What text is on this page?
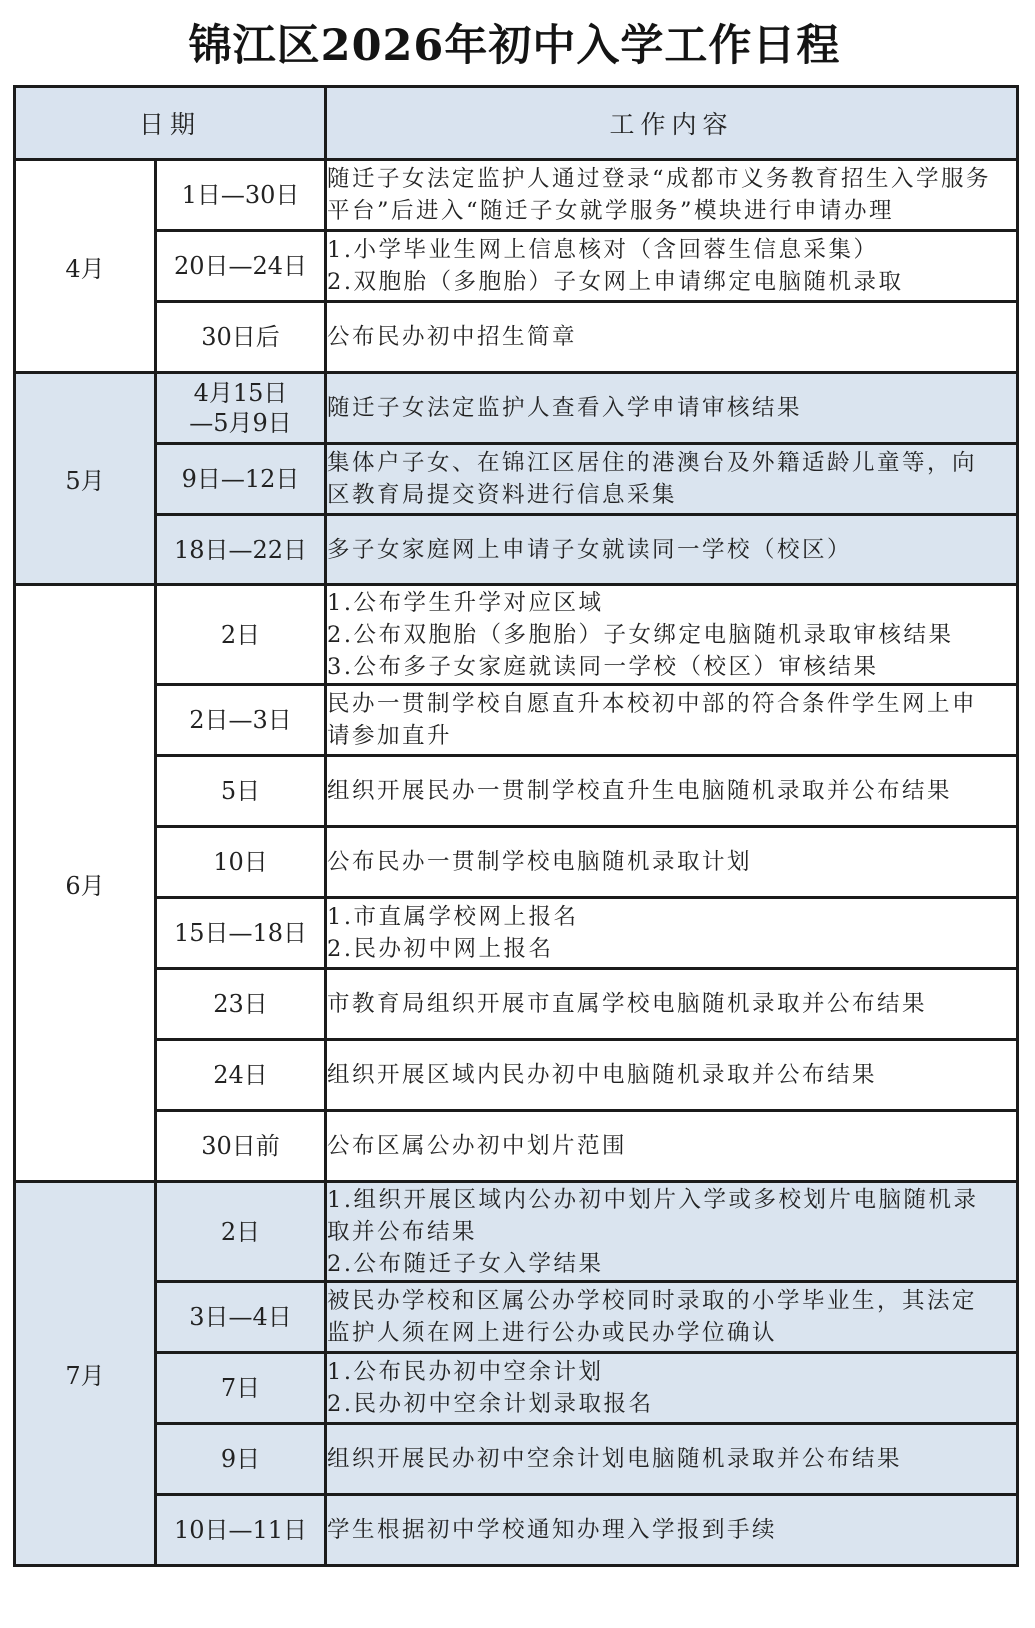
锦江区2026年初中入学工作日程
日期		工作内容
4月	1日—30日	随迁子女法定监护人通过登录“成都市义务教育招生入学服务
平台”后进入“随迁子女就学服务”模块进行申请办理

	20日—24日	1.小学毕业生网上信息核对（含回蓉生信息采集）
2.双胞胎（多胞胎）子女网上申请绑定电脑随机录取

	30日后	公布民办初中招生简章

5月	4月15日
—5月9日	随迁子女法定监护人查看入学申请审核结果

	9日—12日	集体户子女、在锦江区居住的港澳台及外籍适龄儿童等，向
区教育局提交资料进行信息采集

	18日—22日	多子女家庭网上申请子女就读同一学校（校区）

6月	2日	1.公布学生升学对应区域
2.公布双胞胎（多胞胎）子女绑定电脑随机录取审核结果
3.公布多子女家庭就读同一学校（校区）审核结果

	2日—3日	民办一贯制学校自愿直升本校初中部的符合条件学生网上申
请参加直升

	5日	组织开展民办一贯制学校直升生电脑随机录取并公布结果

	10日	公布民办一贯制学校电脑随机录取计划

	15日—18日	1.市直属学校网上报名
2.民办初中网上报名

	23日	市教育局组织开展市直属学校电脑随机录取并公布结果

	24日	组织开展区域内民办初中电脑随机录取并公布结果

	30日前	公布区属公办初中划片范围

7月	2日	1.组织开展区域内公办初中划片入学或多校划片电脑随机录
取并公布结果
2.公布随迁子女入学结果

	3日—4日	被民办学校和区属公办学校同时录取的小学毕业生，其法定
监护人须在网上进行公办或民办学位确认

	7日	1.公布民办初中空余计划
2.民办初中空余计划录取报名

	9日	组织开展民办初中空余计划电脑随机录取并公布结果

	10日—11日	学生根据初中学校通知办理入学报到手续
